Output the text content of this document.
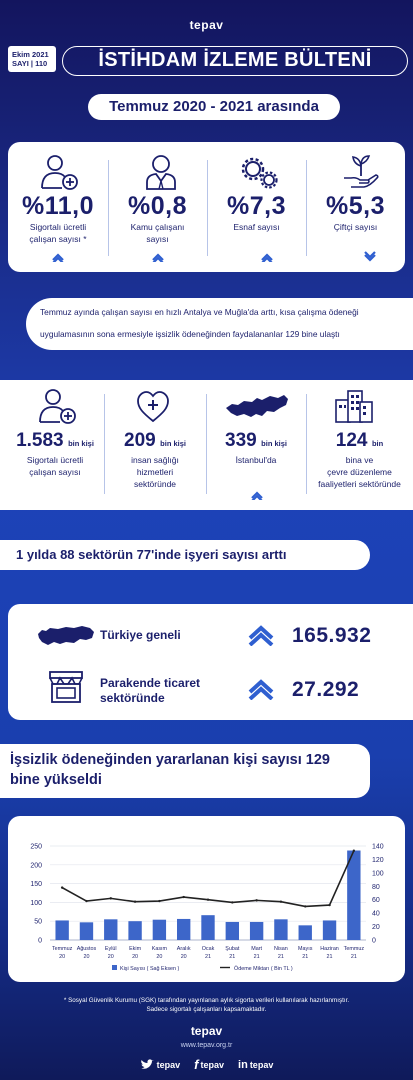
tepav
Ekim 2021
SAYI | 110	İSTİHDAM İZLEME BÜLTENİ
Temmuz 2020 - 2021 arasında
%11,0
Sigortalı ücretli
çalışan sayısı *
%0,8
Kamu çalışanı
sayısı
%7,3
Esnaf sayısı
%5,3
Çiftçi sayısı
Temmuz ayında çalışan sayısı en hızlı Antalya ve Muğla'da arttı, kısa çalışma ödeneği
uygulamasının sona ermesiyle işsizlik ödeneğinden faydalananlar 129 bine ulaştı
1.583 bin kişi
Sigortalı ücretli
çalışan sayısı
209 bin kişi
insan sağlığı
hizmetleri
sektöründe
339 bin kişi
İstanbul'da
124 bin
bina ve
çevre düzenleme
faaliyetleri sektöründe
1 yılda 88 sektörün 77'inde işyeri sayısı arttı
Türkiye geneli	165.932
Parakende ticaret
sektöründe	27.292
İşsizlik ödeneğinden yararlanan kişi sayısı 129
bine yükseldi
250
200
150
100
50
0
140
120
100
80
60
40
20
0
Temmuz
20
Ağustos
20
Eylül
20
Ekim
20
Kasım
20
Aralık
20
Ocak
21
Şubat
21
Mart
21
Nisan
21
Mayıs
21
Haziran
21
Temmuz
21
Kişi Sayısı ( Sağ Eksen )	Ödeme Miktarı ( Bin TL )
* Sosyal Güvenlik Kurumu (SGK) tarafından yayınlanan aylık sigorta verileri kullanılarak hazırlanmıştır.
Sadece sigortalı çalışanları kapsamaktadır.
tepav
www.tepav.org.tr
tepav f tepav in tepav
